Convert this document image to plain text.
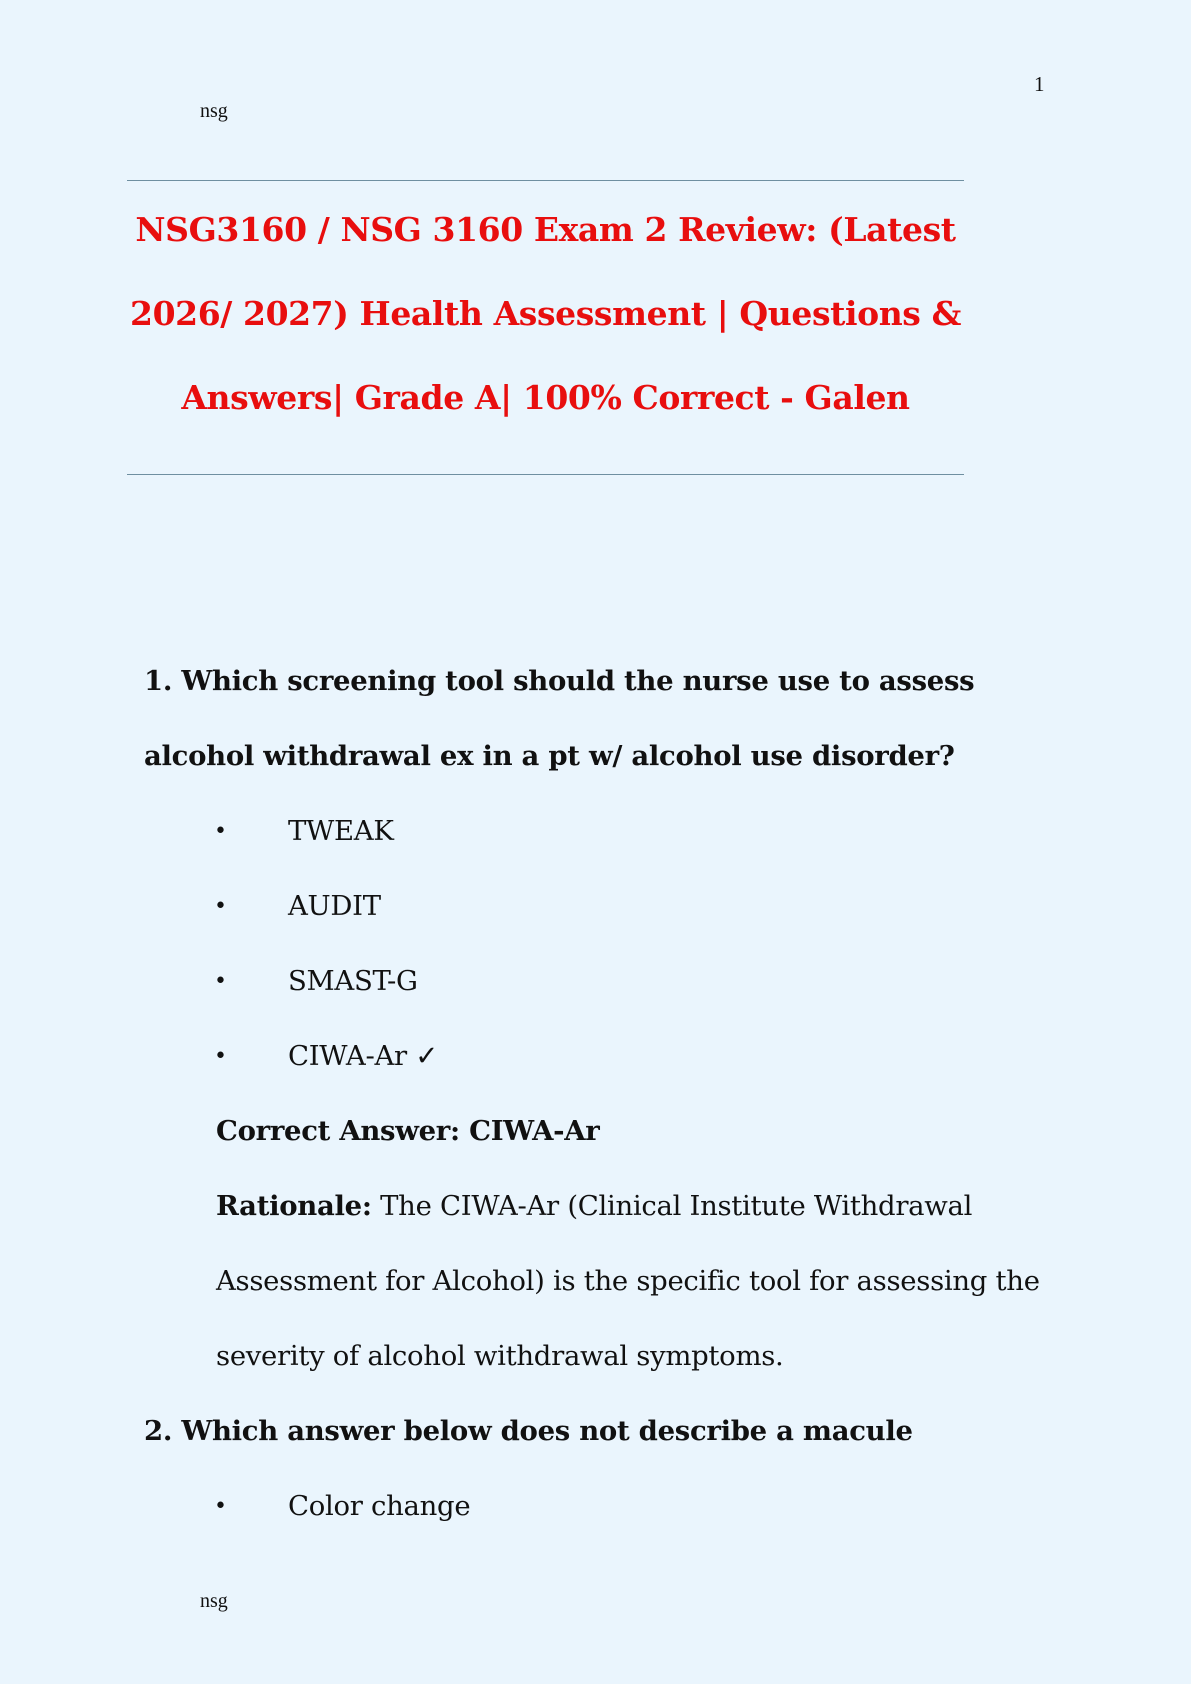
1
nsg
NSG3160 / NSG 3160 Exam 2 Review: (Latest 2026/ 2027) Health Assessment | Questions & Answers| Grade A| 100% Correct - Galen

1. Which screening tool should the nurse use to assess alcohol withdrawal ex in a pt w/ alcohol use disorder?

• TWEAK
• AUDIT
• SMAST-G
• CIWA-Ar ✓
Correct Answer: CIWA-Ar

Rationale: The CIWA-Ar (Clinical Institute Withdrawal Assessment for Alcohol) is the specific tool for assessing the severity of alcohol withdrawal symptoms.

2. Which answer below does not describe a macule

• Color change
nsg
